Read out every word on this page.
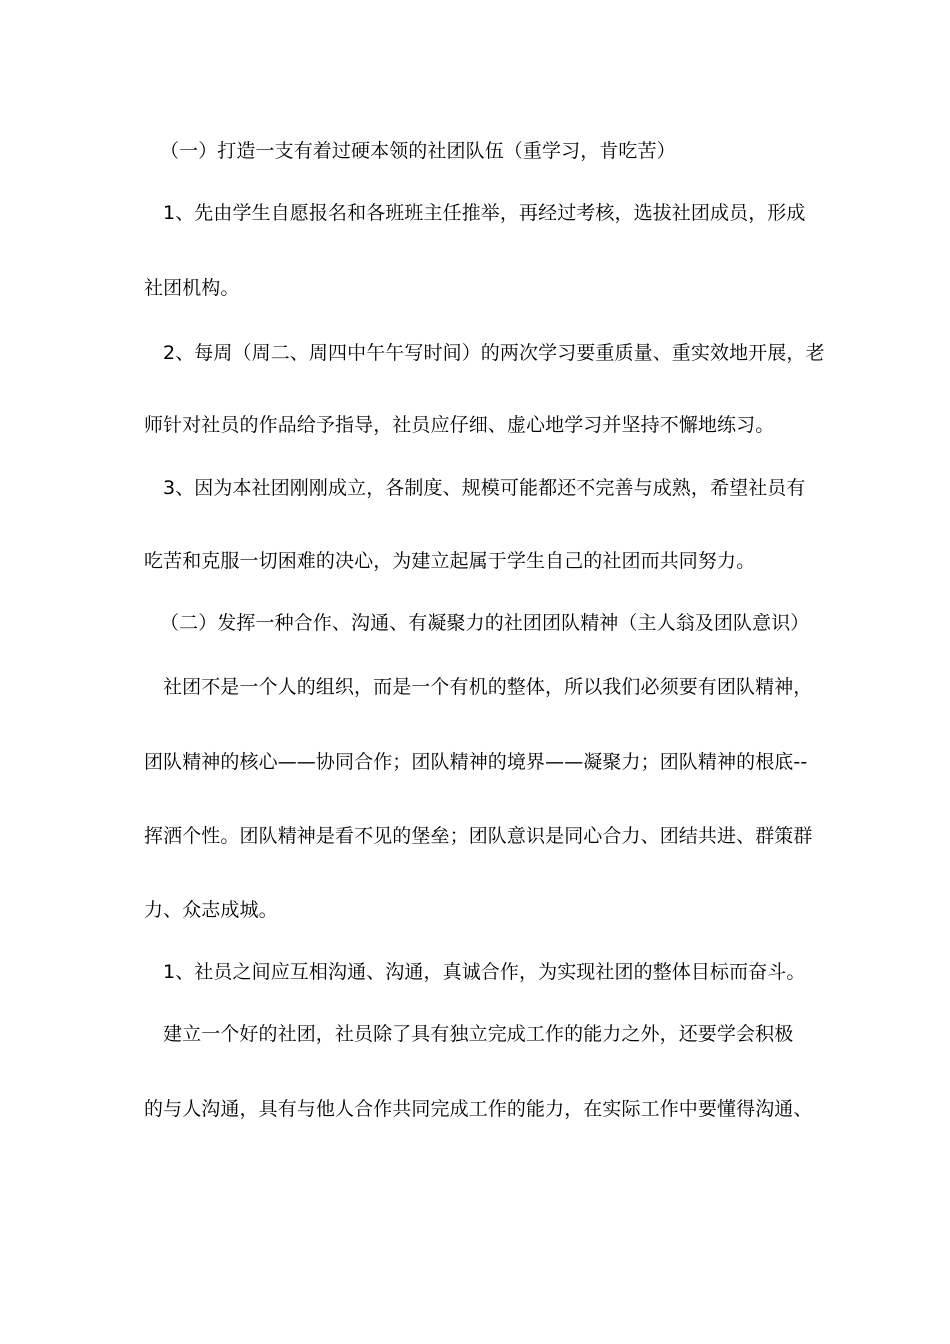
（一）打造一支有着过硬本领的社团队伍（重学习，肯吃苦）
1、先由学生自愿报名和各班班主任推举，再经过考核，选拔社团成员，形成
社团机构。
2、每周（周二、周四中午午写时间）的两次学习要重质量、重实效地开展，老
师针对社员的作品给予指导，社员应仔细、虚心地学习并坚持不懈地练习。
3、因为本社团刚刚成立，各制度、规模可能都还不完善与成熟，希望社员有
吃苦和克服一切困难的决心，为建立起属于学生自己的社团而共同努力。
（二）发挥一种合作、沟通、有凝聚力的社团团队精神（主人翁及团队意识）
社团不是一个人的组织，而是一个有机的整体，所以我们必须要有团队精神，
团队精神的核心——协同合作；团队精神的境界——凝聚力；团队精神的根底--
挥洒个性。团队精神是看不见的堡垒；团队意识是同心合力、团结共进、群策群
力、众志成城。
1、社员之间应互相沟通、沟通，真诚合作，为实现社团的整体目标而奋斗。
建立一个好的社团，社员除了具有独立完成工作的能力之外，还要学会积极
的与人沟通，具有与他人合作共同完成工作的能力，在实际工作中要懂得沟通、
